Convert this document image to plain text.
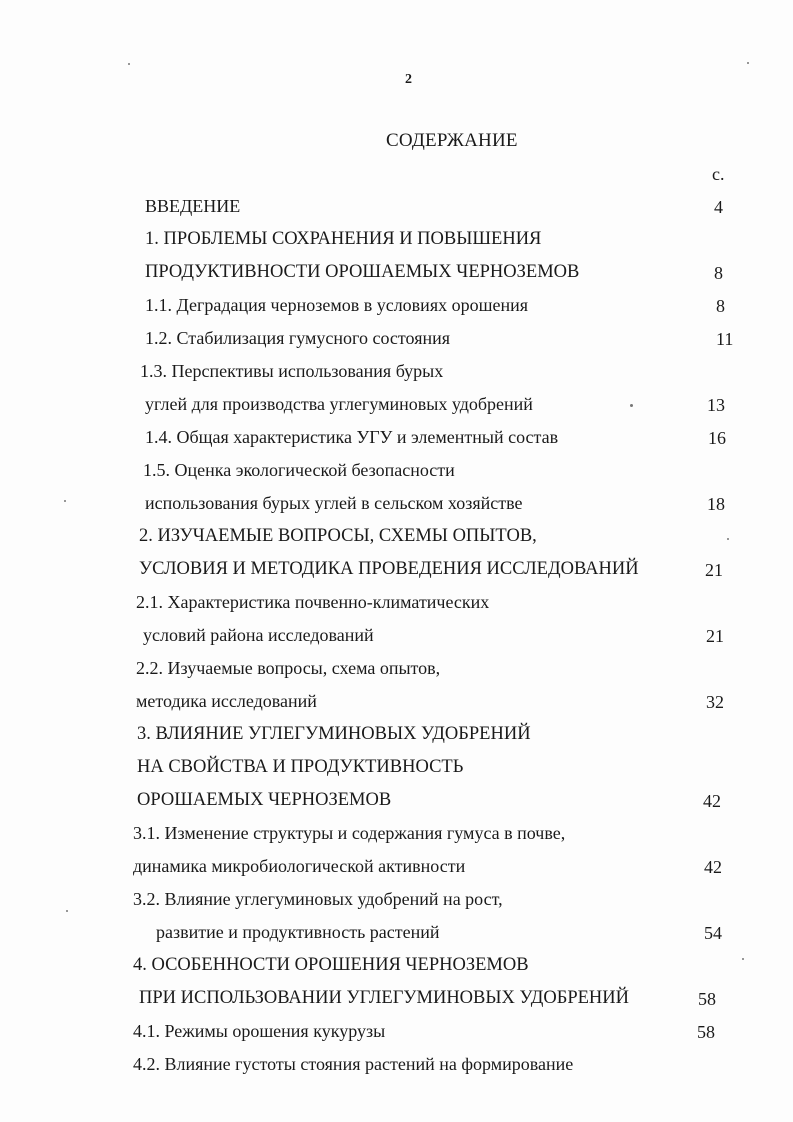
2
СОДЕРЖАНИЕ
с.
ВВЕДЕНИЕ
1. ПРОБЛЕМЫ СОХРАНЕНИЯ И ПОВЫШЕНИЯ
ПРОДУКТИВНОСТИ ОРОШАЕМЫХ ЧЕРНОЗЕМОВ
1.1. Деградация черноземов в условиях орошения
1.2. Стабилизация гумусного состояния
1.3. Перспективы использования бурых
углей для производства углегуминовых удобрений
1.4. Общая характеристика УГУ и элементный состав
1.5. Оценка экологической безопасности
использования бурых углей в сельском хозяйстве
2. ИЗУЧАЕМЫЕ ВОПРОСЫ, СХЕМЫ ОПЫТОВ,
УСЛОВИЯ И МЕТОДИКА ПРОВЕДЕНИЯ ИССЛЕДОВАНИЙ
2.1. Характеристика почвенно-климатических
условий района исследований
2.2. Изучаемые вопросы, схема опытов,
методика исследований
3. ВЛИЯНИЕ УГЛЕГУМИНОВЫХ УДОБРЕНИЙ
НА СВОЙСТВА И ПРОДУКТИВНОСТЬ
ОРОШАЕМЫХ ЧЕРНОЗЕМОВ
3.1. Изменение структуры и содержания гумуса в почве,
динамика микробиологической активности
3.2. Влияние углегуминовых удобрений на рост,
развитие и продуктивность растений
4. ОСОБЕННОСТИ ОРОШЕНИЯ ЧЕРНОЗЕМОВ
ПРИ ИСПОЛЬЗОВАНИИ УГЛЕГУМИНОВЫХ УДОБРЕНИЙ
4.1. Режимы орошения кукурузы
4.2. Влияние густоты стояния растений на формирование
4
8
8
11
13
16
18
21
21
32
42
42
54
58
58
